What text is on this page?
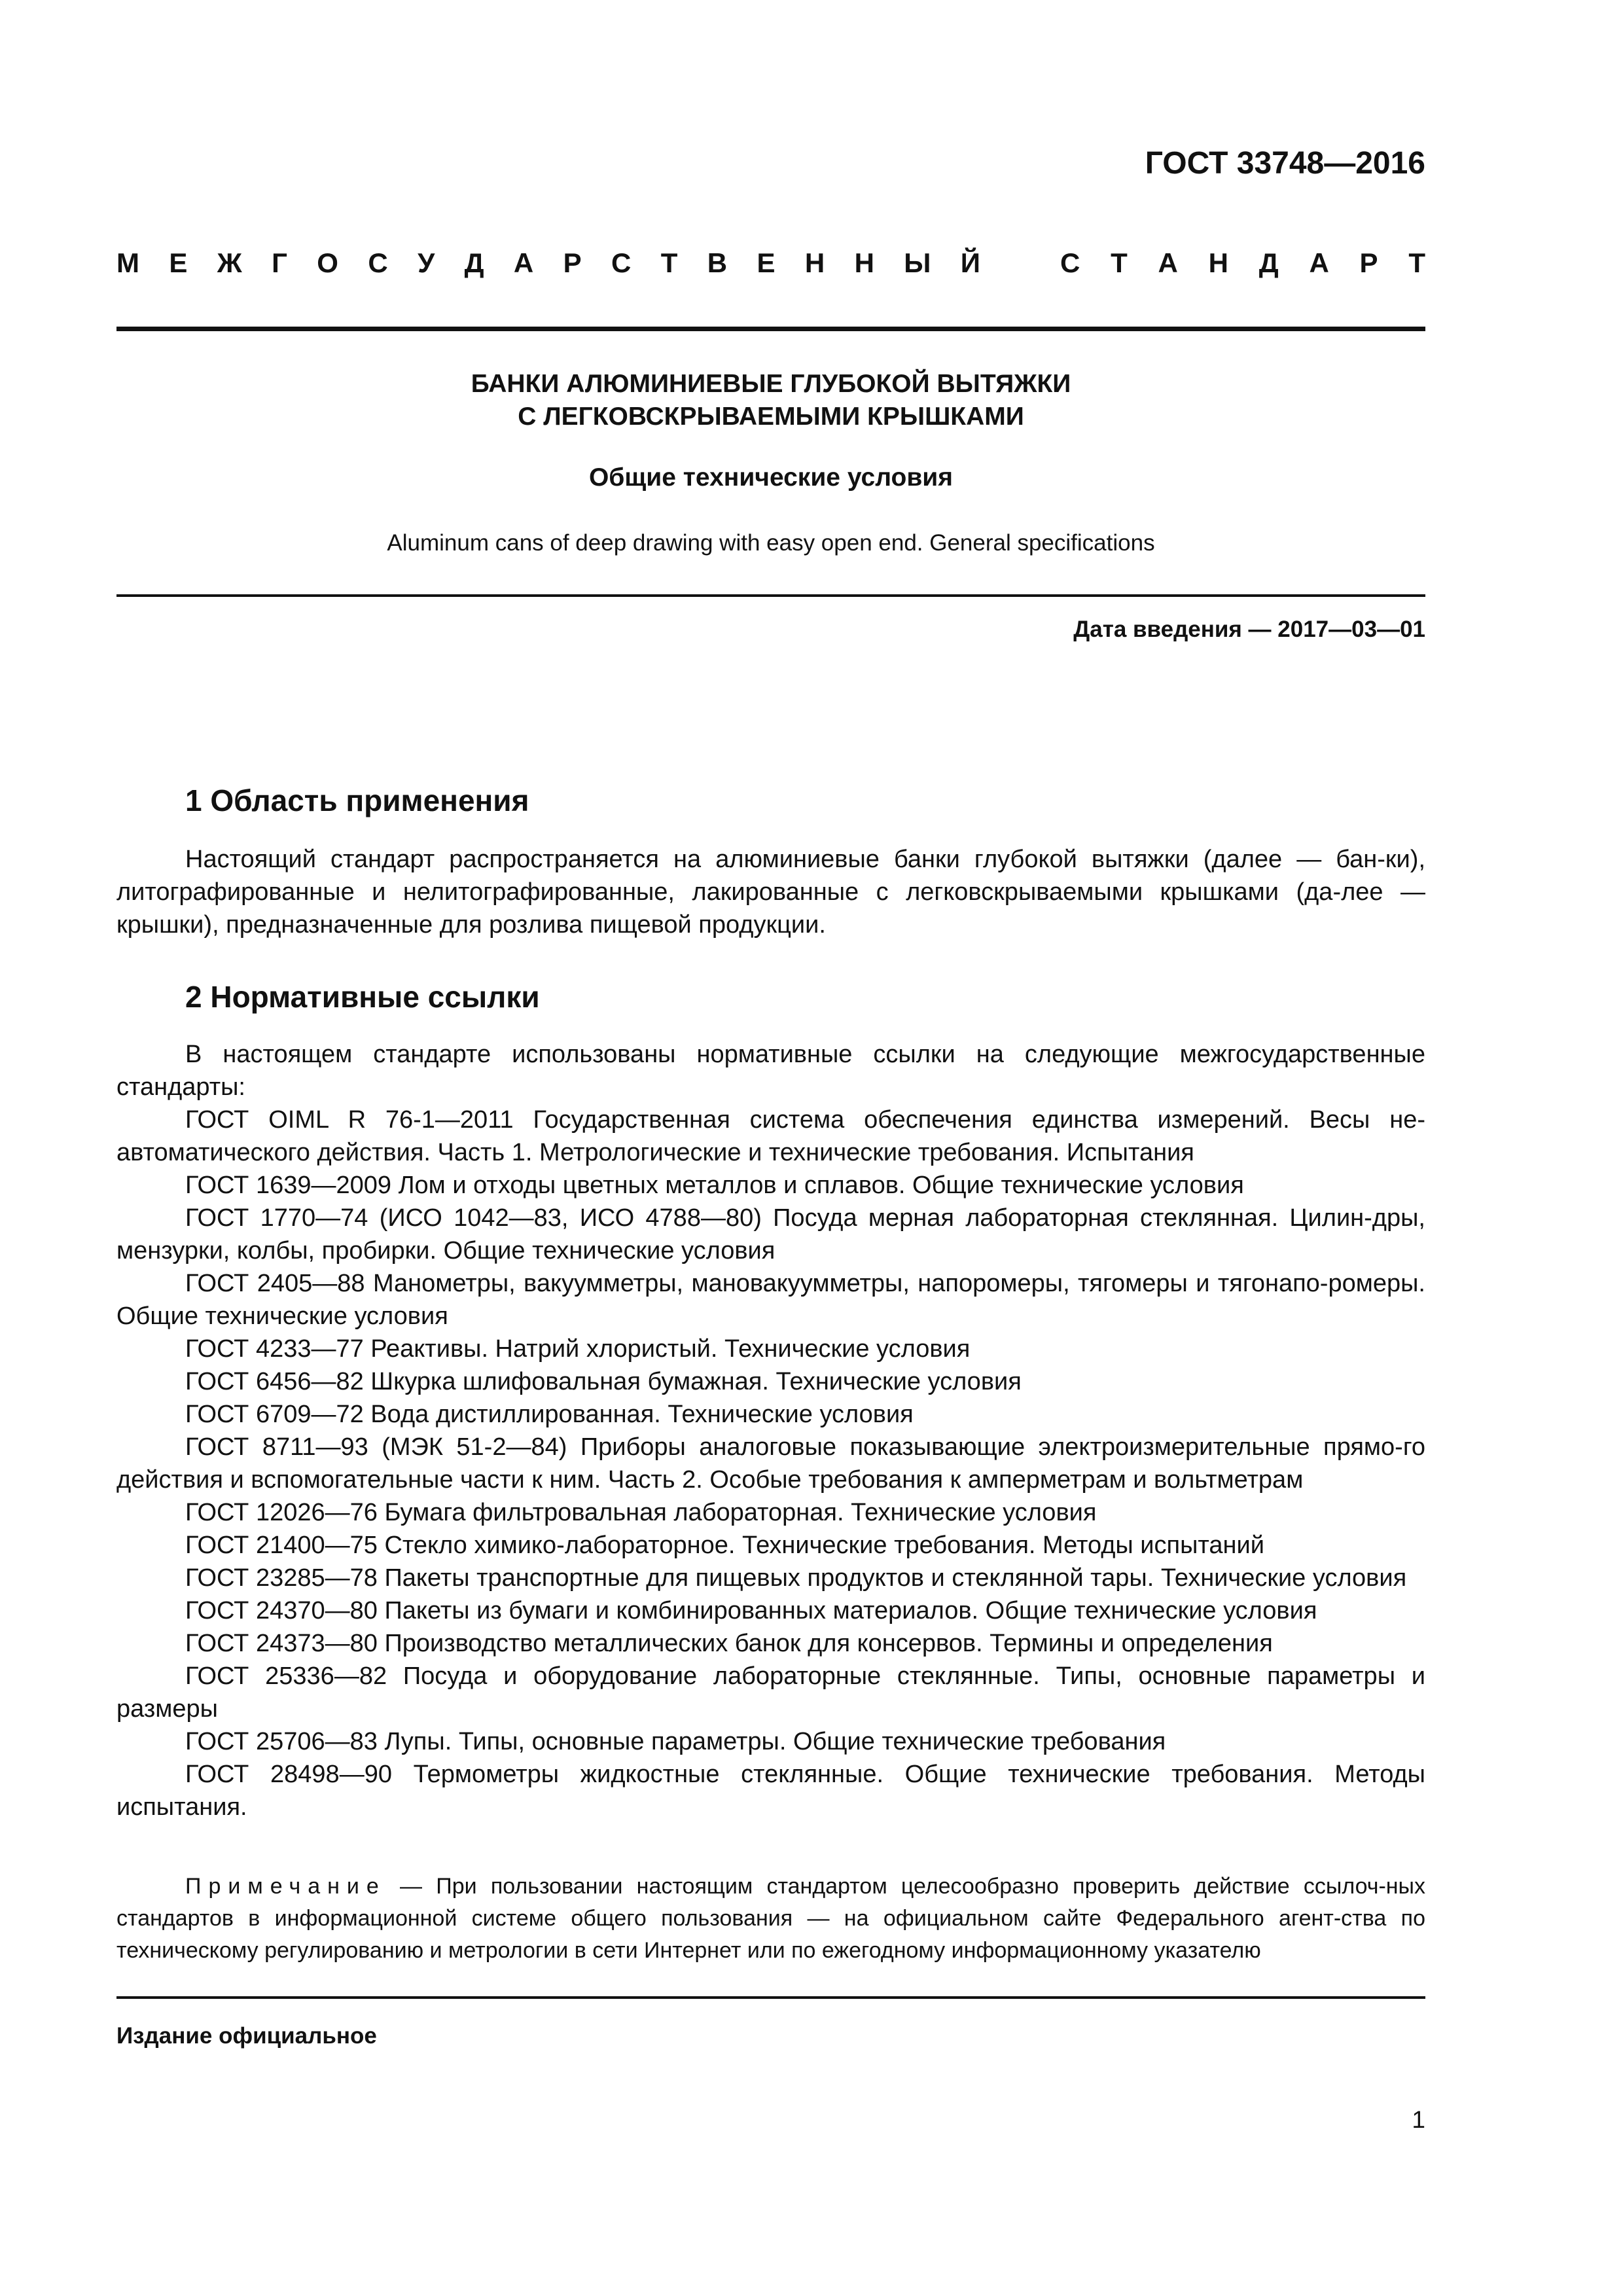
ГОСТ 33748—2016
М Е Ж Г О С У Д А Р С Т В Е Н Н Ы Й	С Т А Н Д А Р Т
БАНКИ АЛЮМИНИЕВЫЕ ГЛУБОКОЙ ВЫТЯЖКИ
С ЛЕГКОВСКРЫВАЕМЫМИ КРЫШКАМИ
Общие технические условия
Aluminum cans of deep drawing with easy open end. General specifications
Дата введения — 2017—03—01
1 Область применения

Настоящий стандарт распространяется на алюминиевые банки глубокой вытяжки (далее — бан-ки), литографированные и нелитографированные, лакированные с легковскрываемыми крышками (да-лее — крышки), предназначенные для розлива пищевой продукции.

2 Нормативные ссылки

В настоящем стандарте использованы нормативные ссылки на следующие межгосударственные стандарты:

ГОСТ OIML R 76-1—2011 Государственная система обеспечения единства измерений. Весы не-автоматического действия. Часть 1. Метрологические и технические требования. Испытания

ГОСТ 1639—2009 Лом и отходы цветных металлов и сплавов. Общие технические условия

ГОСТ 1770—74 (ИСО 1042—83, ИСО 4788—80) Посуда мерная лабораторная стеклянная. Цилин-дры, мензурки, колбы, пробирки. Общие технические условия

ГОСТ 2405—88 Манометры, вакуумметры, мановакуумметры, напоромеры, тягомеры и тягонапо-ромеры. Общие технические условия

ГОСТ 4233—77 Реактивы. Натрий хлористый. Технические условия

ГОСТ 6456—82 Шкурка шлифовальная бумажная. Технические условия

ГОСТ 6709—72 Вода дистиллированная. Технические условия

ГОСТ 8711—93 (МЭК 51-2—84) Приборы аналоговые показывающие электроизмерительные прямо-го действия и вспомогательные части к ним. Часть 2. Особые требования к амперметрам и вольтметрам

ГОСТ 12026—76 Бумага фильтровальная лабораторная. Технические условия

ГОСТ 21400—75 Стекло химико-лабораторное. Технические требования. Методы испытаний

ГОСТ 23285—78 Пакеты транспортные для пищевых продуктов и стеклянной тары. Технические условия

ГОСТ 24370—80 Пакеты из бумаги и комбинированных материалов. Общие технические условия

ГОСТ 24373—80 Производство металлических банок для консервов. Термины и определения

ГОСТ 25336—82 Посуда и оборудование лабораторные стеклянные. Типы, основные параметры и размеры

ГОСТ 25706—83 Лупы. Типы, основные параметры. Общие технические требования

ГОСТ 28498—90 Термометры жидкостные стеклянные. Общие технические требования. Методы испытания.

Примечание — При пользовании настоящим стандартом целесообразно проверить действие ссылоч-ных стандартов в информационной системе общего пользования — на официальном сайте Федерального агент-ства по техническому регулированию и метрологии в сети Интернет или по ежегодному информационному указателю

Издание официальное
1
